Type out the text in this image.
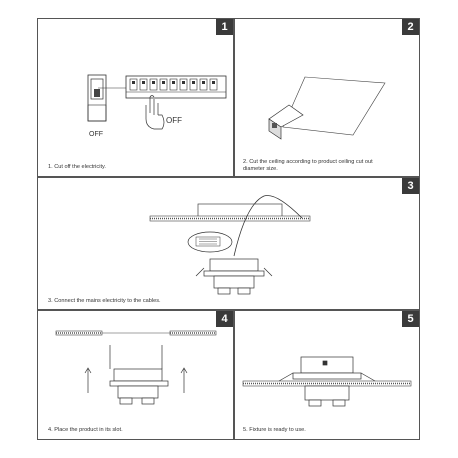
1
OFF
OFF
1. Cut off the electricity.
2
2. Cut the ceiling according to product ceiling cut out diameter size.
3
3. Connect the mains electricity to the cables.
4
4. Place the product in its slot.
5
5. Fixture is ready to use.
